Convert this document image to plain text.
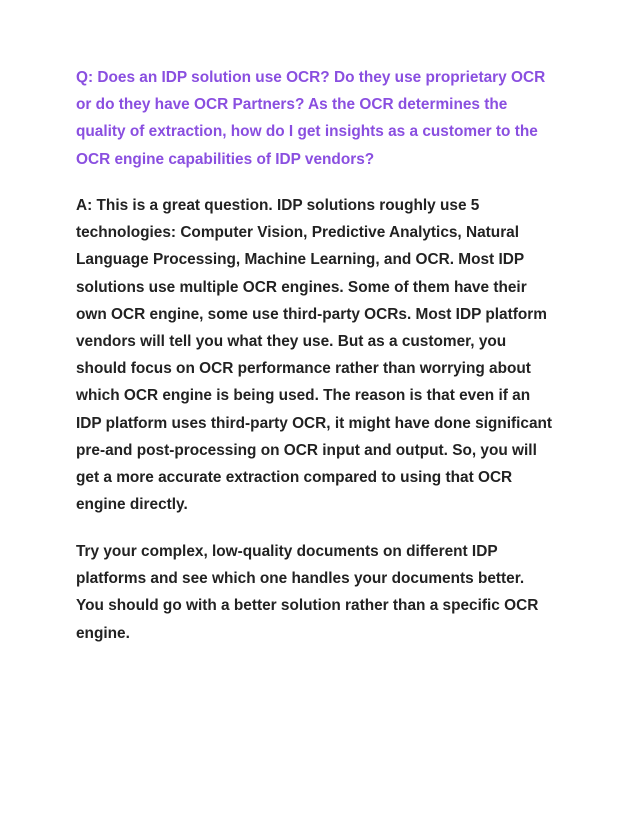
Q: Does an IDP solution use OCR? Do they use proprietary OCR
or do they have OCR Partners? As the OCR determines the
quality of extraction, how do I get insights as a customer to the
OCR engine capabilities of IDP vendors?

A: This is a great question. IDP solutions roughly use 5
technologies: Computer Vision, Predictive Analytics, Natural
Language Processing, Machine Learning, and OCR. Most IDP
solutions use multiple OCR engines. Some of them have their
own OCR engine, some use third-party OCRs. Most IDP platform
vendors will tell you what they use. But as a customer, you
should focus on OCR performance rather than worrying about
which OCR engine is being used. The reason is that even if an
IDP platform uses third-party OCR, it might have done significant
pre-and post-processing on OCR input and output. So, you will
get a more accurate extraction compared to using that OCR
engine directly.

Try your complex, low-quality documents on different IDP
platforms and see which one handles your documents better.
You should go with a better solution rather than a specific OCR
engine.
